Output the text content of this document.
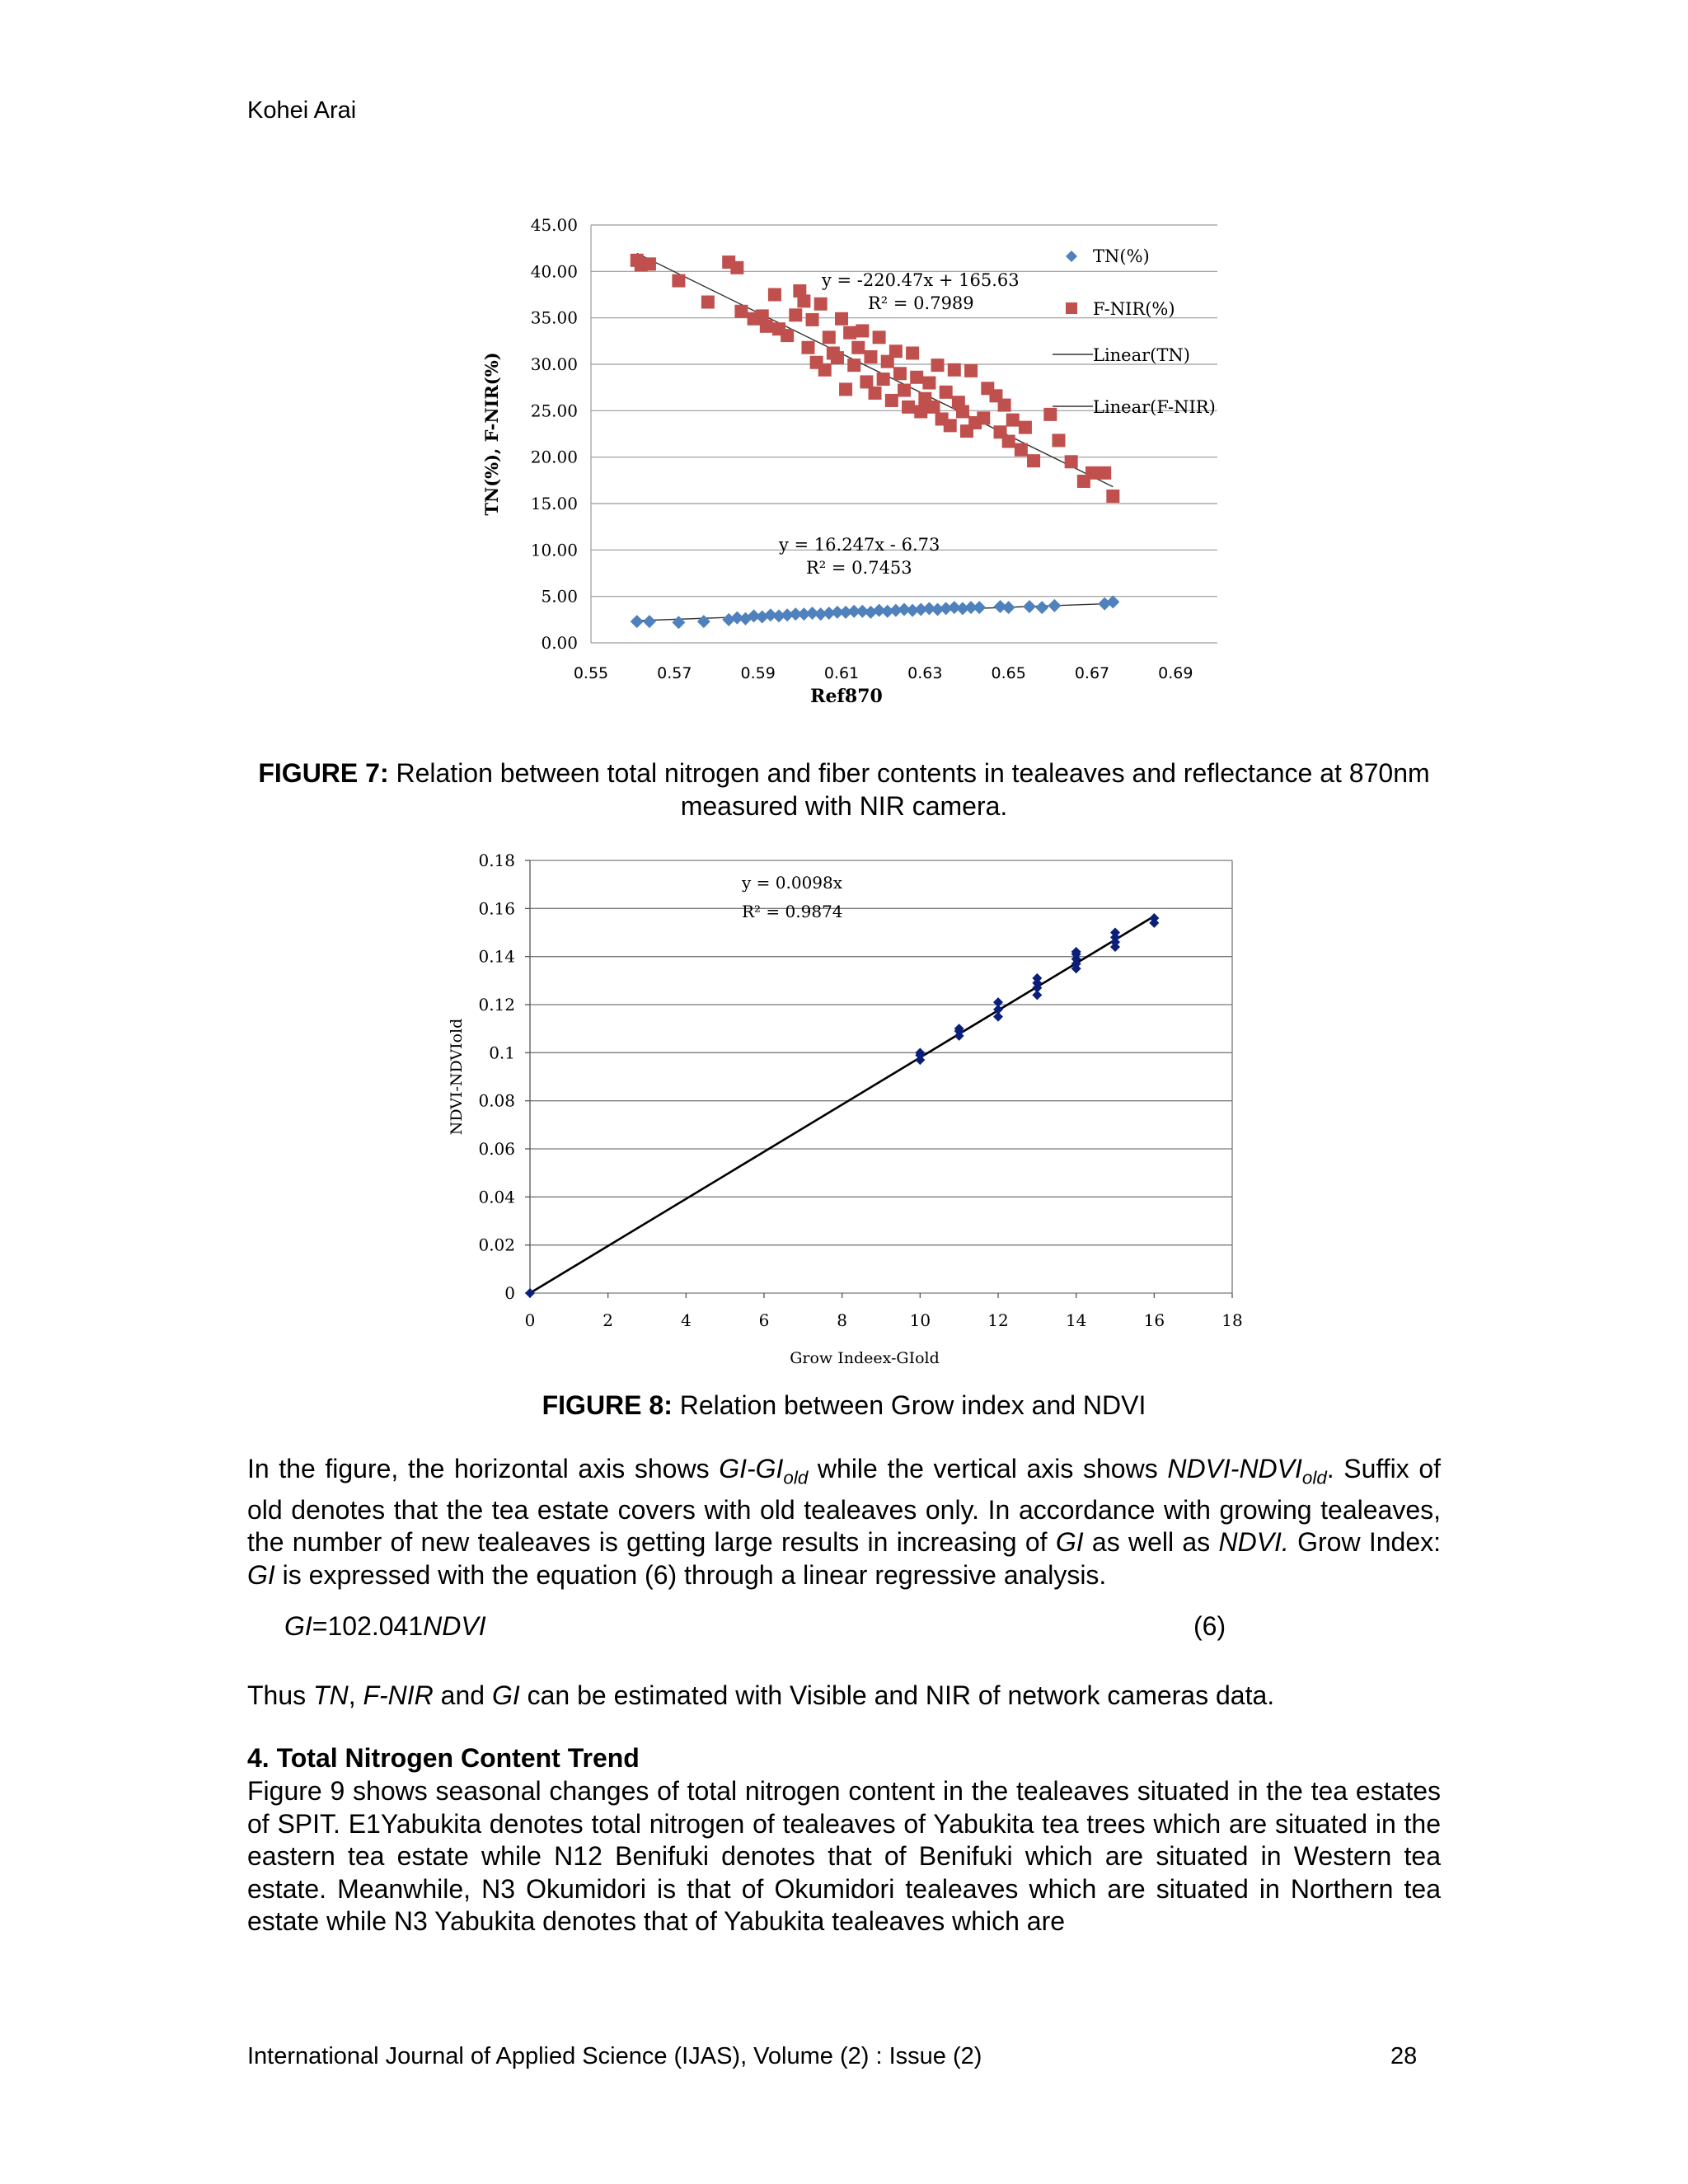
Kohei Arai
0.00
5.00
10.00
15.00
20.00
25.00
30.00
35.00
40.00
45.00
0.55	0.57	0.59	0.61	0.63	0.65	0.67	0.69
Ref870
TN(%), F-NIR(%)
y = -220.47x + 165.63
R² = 0.7989
y = 16.247x - 6.73
R² = 0.7453
TN(%)
F-NIR(%)
Linear(TN)
Linear(F-NIR)
FIGURE 7: Relation between total nitrogen and fiber contents in tealeaves and reflectance at 870nm measured with NIR camera.
0
0.02
0.04
0.06
0.08
0.1
0.12
0.14
0.16
0.18
0	2	4	6	8	10	12	14	16	18
Grow Indeex-GIold
NDVI-NDVIold
y = 0.0098x
R² = 0.9874
FIGURE 8: Relation between Grow index and NDVI
In the figure, the horizontal axis shows $GI-GI_{old}$ while the vertical axis shows NDVI-$NDVI_{old}$. Suffix of old denotes that the tea estate covers with old tealeaves only. In accordance with growing tealeaves, the number of new tealeaves is getting large results in increasing of GI as well as NDVI. Grow Index: GI is expressed with the equation (6) through a linear regressive analysis.
GI=102.041NDVI	(6)
Thus TN, F-NIR and GI can be estimated with Visible and NIR of network cameras data.
4. Total Nitrogen Content Trend
Figure 9 shows seasonal changes of total nitrogen content in the tealeaves situated in the tea estates of SPIT. E1Yabukita denotes total nitrogen of tealeaves of Yabukita tea trees which are situated in the eastern tea estate while N12 Benifuki denotes that of Benifuki which are situated in Western tea estate. Meanwhile, N3 Okumidori is that of Okumidori tealeaves which are situated in Northern tea estate while N3 Yabukita denotes that of Yabukita tealeaves which are
International Journal of Applied Science (IJAS), Volume (2) : Issue (2)	28
